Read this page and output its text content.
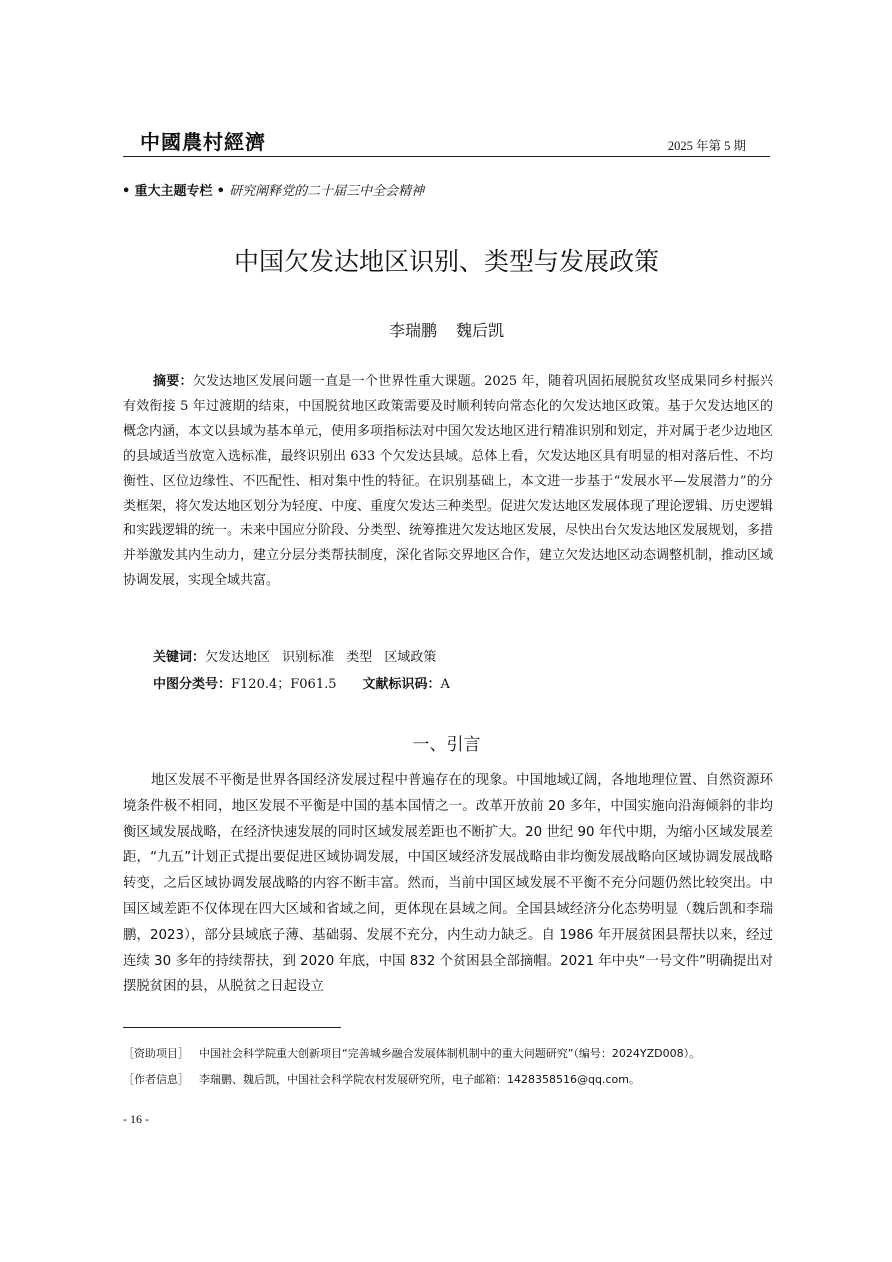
中國農村經濟	2025 年第 5 期
• 重大主题专栏 • 研究阐释党的二十届三中全会精神
中国欠发达地区识别、类型与发展政策
李瑞鹏 魏后凯
摘要：欠发达地区发展问题一直是一个世界性重大课题。2025 年，随着巩固拓展脱贫攻坚成果同乡村振兴有效衔接 5 年过渡期的结束，中国脱贫地区政策需要及时顺利转向常态化的欠发达地区政策。基于欠发达地区的概念内涵，本文以县域为基本单元，使用多项指标法对中国欠发达地区进行精准识别和划定，并对属于老少边地区的县域适当放宽入选标准，最终识别出 633 个欠发达县域。总体上看，欠发达地区具有明显的相对落后性、不均衡性、区位边缘性、不匹配性、相对集中性的特征。在识别基础上，本文进一步基于“发展水平—发展潜力”的分类框架，将欠发达地区划分为轻度、中度、重度欠发达三种类型。促进欠发达地区发展体现了理论逻辑、历史逻辑和实践逻辑的统一。未来中国应分阶段、分类型、统筹推进欠发达地区发展，尽快出台欠发达地区发展规划，多措并举激发其内生动力，建立分层分类帮扶制度，深化省际交界地区合作，建立欠发达地区动态调整机制，推动区域协调发展，实现全域共富。
关键词：欠发达地区 识别标准 类型 区域政策
中图分类号：F120.4；F061.5 文献标识码：A
一、引言
地区发展不平衡是世界各国经济发展过程中普遍存在的现象。中国地域辽阔，各地地理位置、自然资源环境条件极不相同，地区发展不平衡是中国的基本国情之一。改革开放前 20 多年，中国实施向沿海倾斜的非均衡区域发展战略，在经济快速发展的同时区域发展差距也不断扩大。20 世纪 90 年代中期，为缩小区域发展差距，“九五”计划正式提出要促进区域协调发展，中国区域经济发展战略由非均衡发展战略向区域协调发展战略转变，之后区域协调发展战略的内容不断丰富。然而，当前中国区域发展不平衡不充分问题仍然比较突出。中国区域差距不仅体现在四大区域和省域之间，更体现在县域之间。全国县域经济分化态势明显（魏后凯和李瑞鹏，2023），部分县域底子薄、基础弱、发展不充分，内生动力缺乏。自 1986 年开展贫困县帮扶以来，经过连续 30 多年的持续帮扶，到 2020 年底，中国 832 个贫困县全部摘帽。2021 年中央“一号文件”明确提出对摆脱贫困的县，从脱贫之日起设立
［资助项目］ 中国社会科学院重大创新项目“完善城乡融合发展体制机制中的重大问题研究”（编号：2024YZD008）。
［作者信息］ 李瑞鹏、魏后凯，中国社会科学院农村发展研究所，电子邮箱：1428358516@qq.com。
- 16 -
